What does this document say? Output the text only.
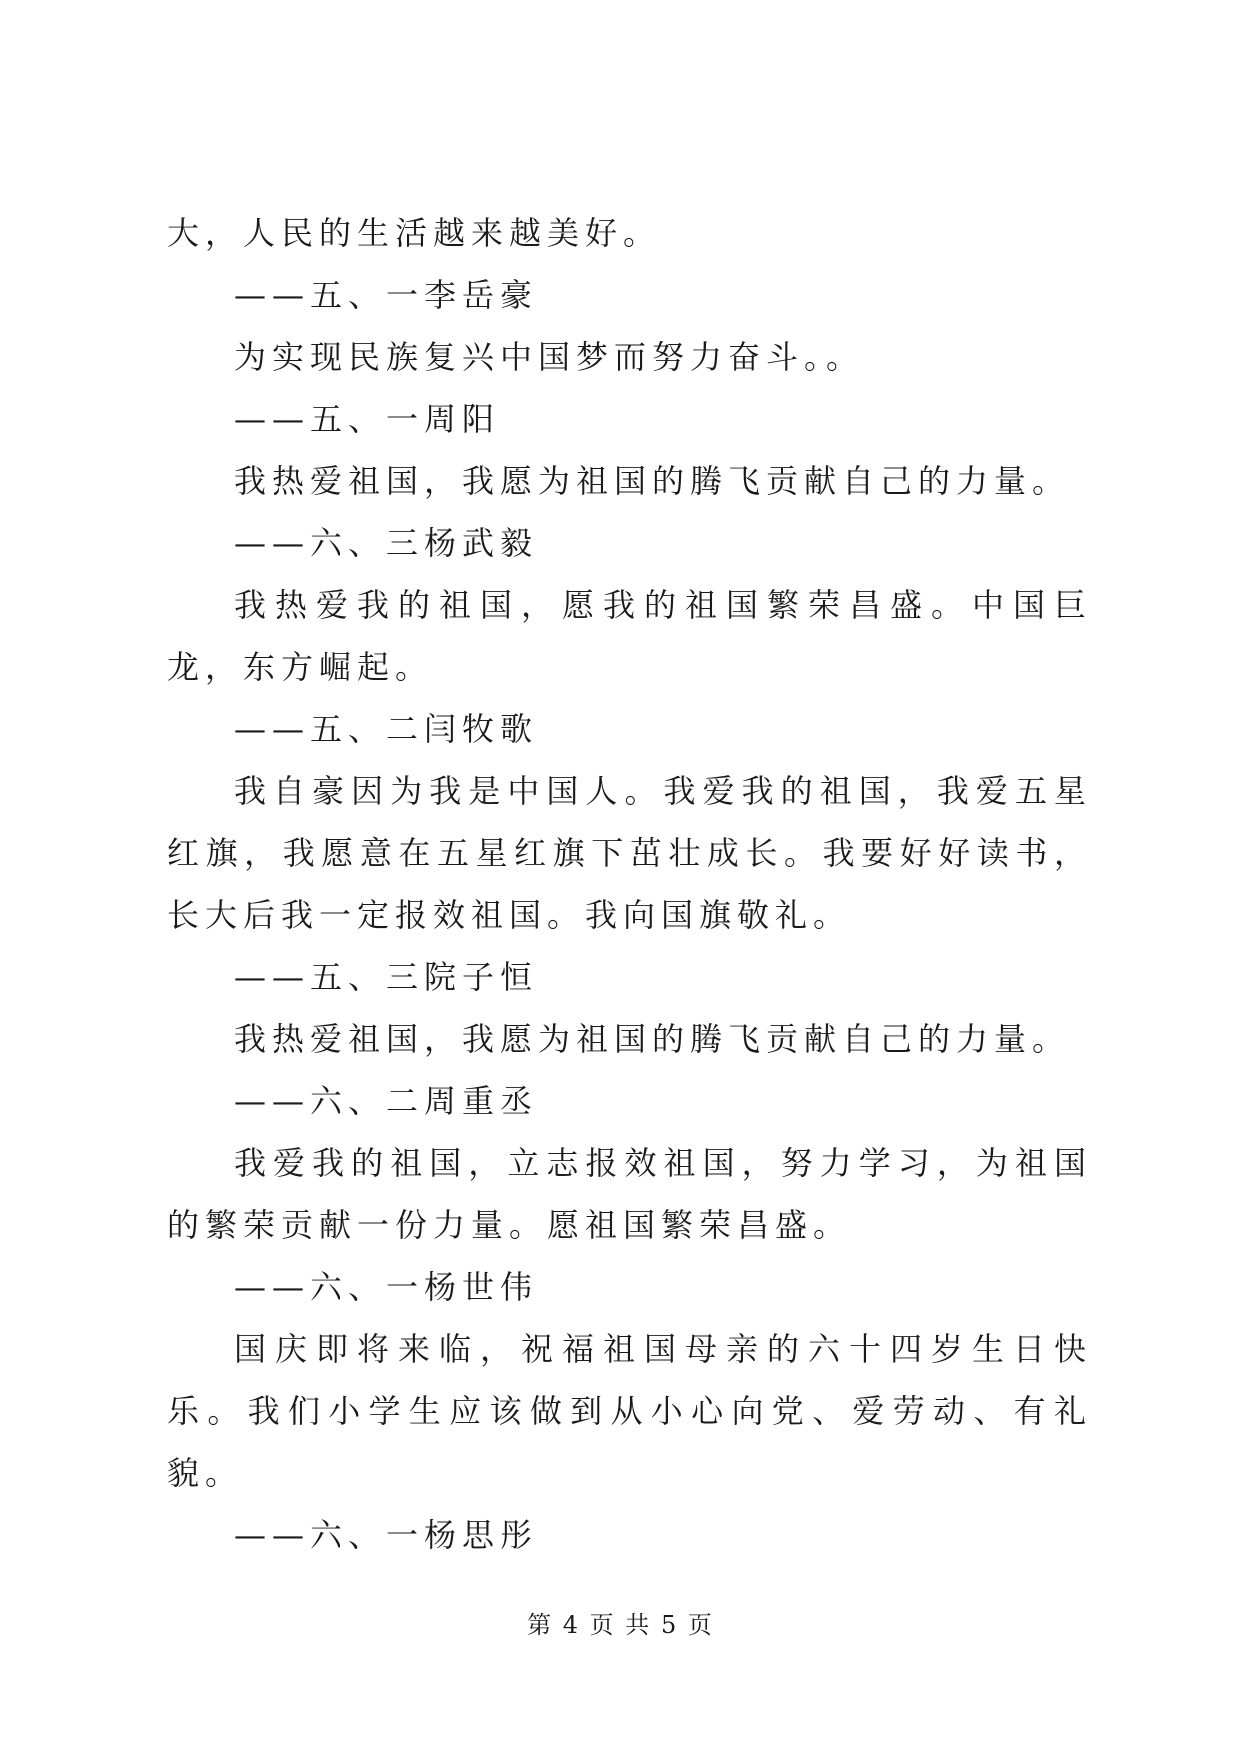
大，人民的生活越来越美好。

——五、一李岳豪

为实现民族复兴中国梦而努力奋斗。。

——五、一周阳

我热爱祖国，我愿为祖国的腾飞贡献自己的力量。

——六、三杨武毅

我热爱我的祖国，愿我的祖国繁荣昌盛。中国巨龙，东方崛起。

——五、二闫牧歌

我自豪因为我是中国人。我爱我的祖国，我爱五星红旗，我愿意在五星红旗下茁壮成长。我要好好读书，长大后我一定报效祖国。我向国旗敬礼。

——五、三院子恒

我热爱祖国，我愿为祖国的腾飞贡献自己的力量。

——六、二周重丞

我爱我的祖国，立志报效祖国，努力学习，为祖国的繁荣贡献一份力量。愿祖国繁荣昌盛。

——六、一杨世伟

国庆即将来临，祝福祖国母亲的六十四岁生日快乐。我们小学生应该做到从小心向党、爱劳动、有礼貌。

——六、一杨思彤

第 4 页 共 5 页
